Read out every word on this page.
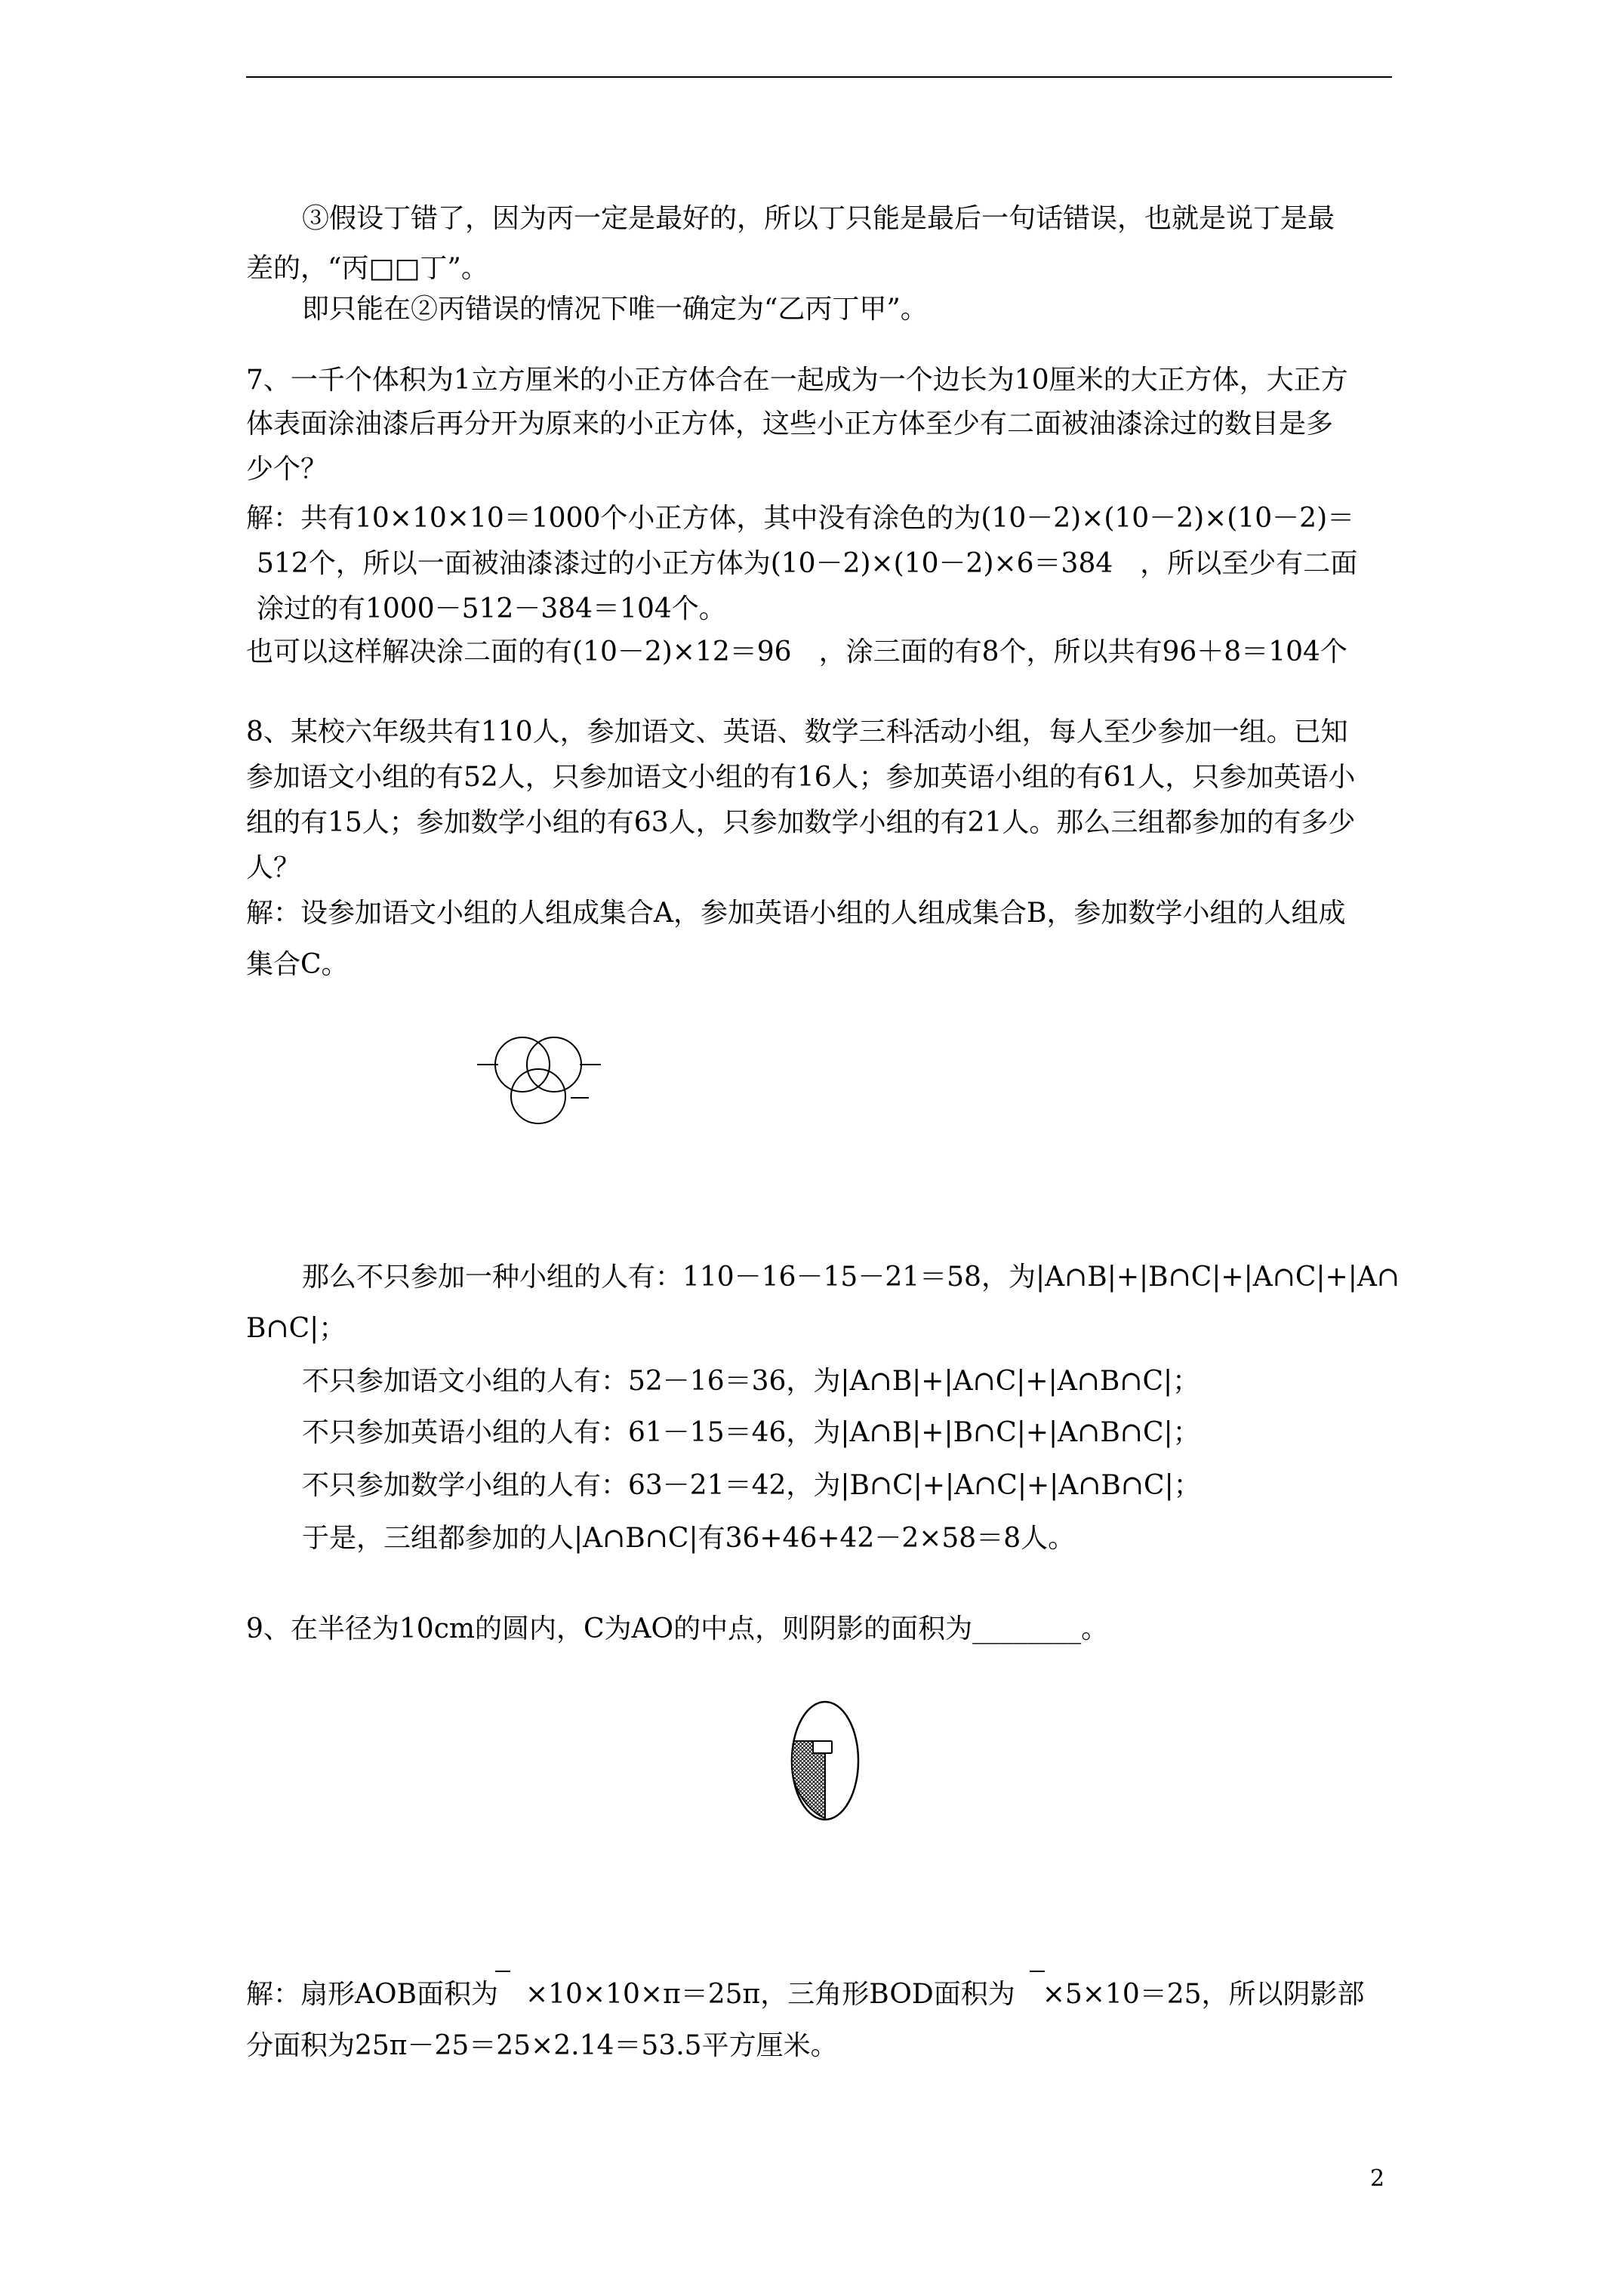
③假设丁错了，因为丙一定是最好的，所以丁只能是最后一句话错误，也就是说丁是最
差的，“丙□□丁”。
即只能在②丙错误的情况下唯一确定为“乙丙丁甲”。
7、一千个体积为1立方厘米的小正方体合在一起成为一个边长为10厘米的大正方体，大正方
体表面涂油漆后再分开为原来的小正方体，这些小正方体至少有二面被油漆涂过的数目是多
少个？
解：共有10×10×10＝1000个小正方体，其中没有涂色的为(10－2)×(10－2)×(10－2)＝
512个，所以一面被油漆漆过的小正方体为(10－2)×(10－2)×6＝384　，所以至少有二面
涂过的有1000－512－384＝104个。
也可以这样解决涂二面的有(10－2)×12＝96　，涂三面的有8个，所以共有96＋8＝104个
8、某校六年级共有110人，参加语文、英语、数学三科活动小组，每人至少参加一组。已知
参加语文小组的有52人，只参加语文小组的有16人；参加英语小组的有61人，只参加英语小
组的有15人；参加数学小组的有63人，只参加数学小组的有21人。那么三组都参加的有多少
人？
解：设参加语文小组的人组成集合A，参加英语小组的人组成集合B，参加数学小组的人组成
集合C。
那么不只参加一种小组的人有：110－16－15－21＝58，为|A∩B|+|B∩C|+|A∩C|+|A∩
B∩C|；
不只参加语文小组的人有：52－16＝36，为|A∩B|+|A∩C|+|A∩B∩C|；
不只参加英语小组的人有：61－15＝46，为|A∩B|+|B∩C|+|A∩B∩C|；
不只参加数学小组的人有：63－21＝42，为|B∩C|+|A∩C|+|A∩B∩C|；
于是，三组都参加的人|A∩B∩C|有36+46+42－2×58＝8人。
9、在半径为10cm的圆内，C为AO的中点，则阴影的面积为________。
解：扇形AOB面积为　×10×10×π＝25π，三角形BOD面积为　×5×10＝25，所以阴影部
分面积为25π－25＝25×2.14＝53.5平方厘米。
2
